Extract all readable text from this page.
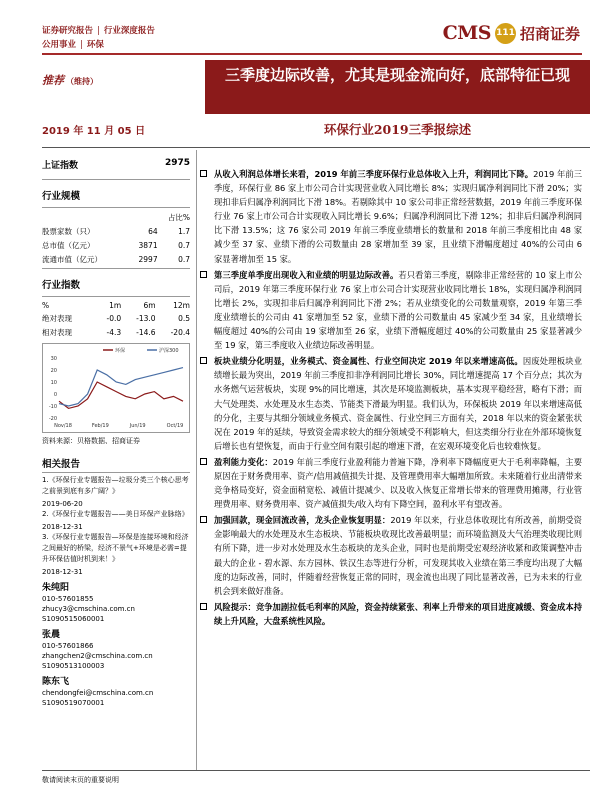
证券研究报告 | 行业深度报告
公用事业 | 环保
CMS 111 招商证券
推荐 （维持）	三季度边际改善，尤其是现金流向好，底部特征已现
2019 年 11 月 05 日	环保行业2019三季报综述
上证指数	2975
行业规模
		占比%
股票家数（只）	64	1.7
总市值（亿元）	3871	0.7
流通市值（亿元）	2997	0.7
行业指数
%	1m	6m	12m
绝对表现	-0.0	-13.0	0.5
相对表现	-4.3	-14.6	-20.4
30
20
10
0
-10
-20
Nov/18	Feb/19	Jun/19	Oct/19
环保	沪深300
资料来源：贝格数据、招商证券
相关报告
1.《环保行业专题报告—垃圾分类三个核心思考之前景到底有多广阔？》
2019-06-20
2.《环保行业专题报告——美日环保产业脉络》
2018-12-31
3.《环保行业专题报告—环保是连接环境和经济之间最好的桥梁，经济不景气+环境是必需=提升环保估值时机到来！》
2018-12-31
朱纯阳
010-57601855
zhucy3@cmschina.com.cn
S1090515060001
张晨
010-57601866
zhangchen2@cmschina.com.cn
S1090513100003
陈东飞
chendongfei@cmschina.com.cn
S1090519070001
从收入利润总体增长来看，2019 年前三季度环保行业总体收入上升，利润同比下降。2019 年前三季度，环保行业 86 家上市公司合计实现营业收入同比增长 8%；实现归属净利润同比下滑 20%；实现扣非后归属净利润同比下滑 18%。若剔除其中 10 家公司非正常经营数据，2019 年前三季度环保行业 76 家上市公司合计实现收入同比增长 9.6%；归属净利润同比下滑 12%；扣非后归属净利润同比下滑 13.5%；这 76 家公司 2019 年前三季度业绩增长的数量和 2018 年前三季度相比由 48 家减少至 37 家、业绩下滑的公司数量由 28 家增加至 39 家，且业绩下滑幅度超过 40%的公司由 6 家显著增加至 15 家。
第三季度单季度出现收入和业绩的明显边际改善。若只看第三季度，剔除非正常经营的 10 家上市公司后，2019 年第三季度环保行业 76 家上市公司合计实现营业收同比增长 18%，实现归属净利润同比增长 2%，实现扣非后归属净利润同比下滑 2%；若从业绩变化的公司数量观察，2019 年第三季度业绩增长的公司由 41 家增加至 52 家，业绩下滑的公司数量由 45 家减少至 34 家，且业绩增长幅度超过 40%的公司由 19 家增加至 26 家，业绩下滑幅度超过 40%的公司数量由 25 家显著减少至 19 家，第三季度收入业绩边际改善明显。
板块业绩分化明显，业务模式、资金属性、行业空间决定 2019 年以来增速高低。因废处理板块业绩增长最为突出，2019 年前三季度扣非净利润同比增长 30%，同比增速提高 17 个百分点；其次为水务燃气运营板块，实现 9%的同比增速，其次是环境监测板块，基本实现平稳经营，略有下滑；而大气处理类、水处理及水生态类、节能类下滑最为明显。我们认为，环保板块 2019 年以来增速高低的分化，主要与其细分领域业务模式、资金属性、行业空间三方面有关，2018 年以来的资金紧张状况在 2019 年的延续，导致资金需求较大的细分领域受不利影响大，但这类细分行业在外部环境恢复后增长也有望恢复，而由于行业空间有限引起的增速下滑，在宏观环境变化后也较难恢复。
盈利能力变化：2019 年前三季度行业盈利能力普遍下降，净利率下降幅度更大于毛利率降幅，主要原因在于财务费用率、资产/信用减值损失计提、及管理费用率大幅增加所致。未来随着行业出清带来竞争格局变好，资金面稍宽松、减值计提减少、以及收入恢复正常增长带来的管理费用摊薄，行业管理费用率、财务费用率、资产减值损失/收入均有下降空间，盈利水平有望改善。
加强回款，现金回流改善，龙头企业恢复明显：2019 年以来，行业总体收现比有所改善，前期受资金影响最大的水处理及水生态板块、节能板块收现比改善最明显；而环境监测及大气治理类收现比则有所下降，进一步对水处理及水生态板块的龙头企业，同时也是前期受宏观经济收紧和政策调整冲击最大的企业 - 碧水源、东方园林、铁汉生态等进行分析，可发现其收入业绩在第三季度均出现了大幅度的边际改善，同时，伴随着经营恢复正常的同时，现金流也出现了同比显著改善，已为未来的行业机会到来做好准备。
风险提示：竞争加剧拉低毛利率的风险，资金持续紧张、利率上升带来的项目进度减缓、资金成本持续上升风险，大盘系统性风险。
敬请阅读末页的重要说明
